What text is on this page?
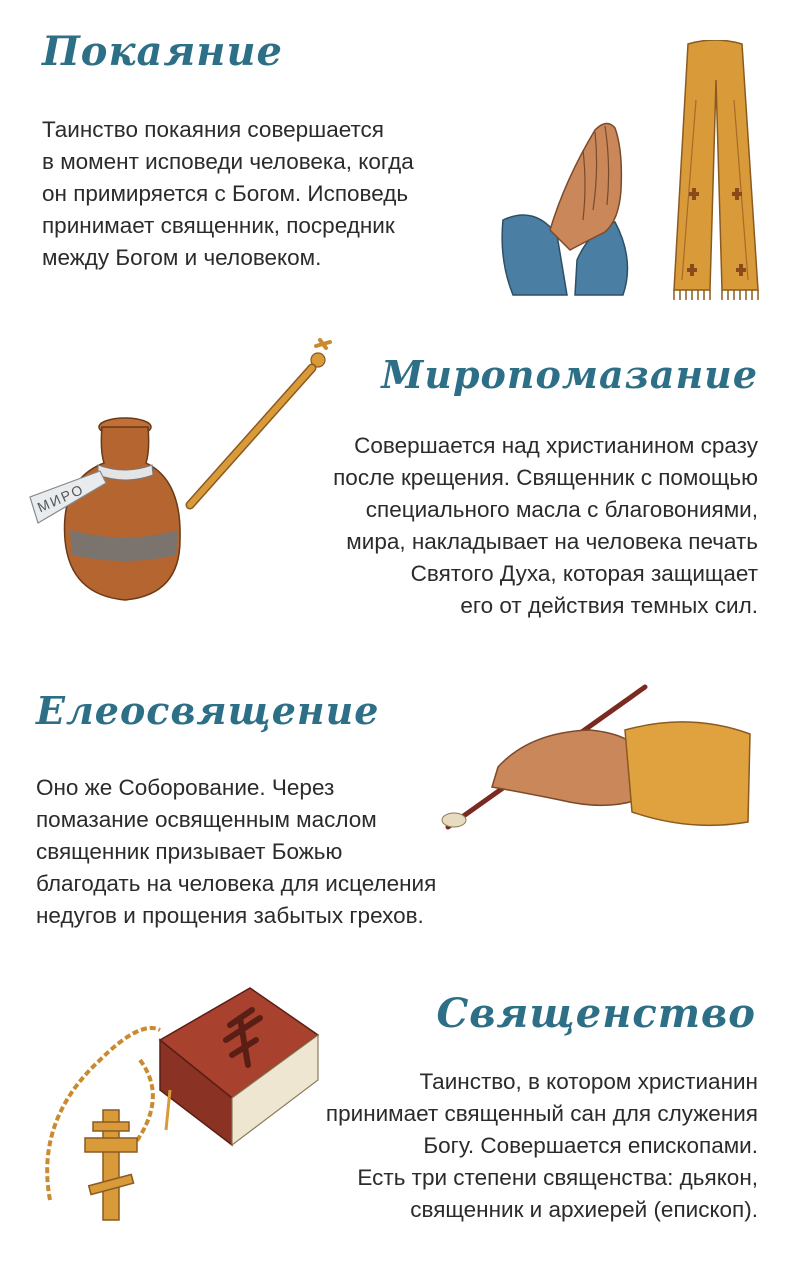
Покаяние
Таинство покаяния совершается
в момент исповеди человека, когда
он примиряется с Богом. Исповедь
принимает священник, посредник
между Богом и человеком.
Миропомазание
Совершается над христианином сразу
после крещения. Священник с помощью
специального масла с благовониями,
мира, накладывает на человека печать
Святого Духа, которая защищает
его от действия темных сил.
МИРО
Елеосвящение
Оно же Соборование. Через
помазание освященным маслом
священник призывает Божью
благодать на человека для исцеления
недугов и прощения забытых грехов.
Священство
Таинство, в котором христианин
принимает священный сан для служения
Богу. Совершается епископами.
Есть три степени священства: дьякон,
священник и архиерей (епископ).
